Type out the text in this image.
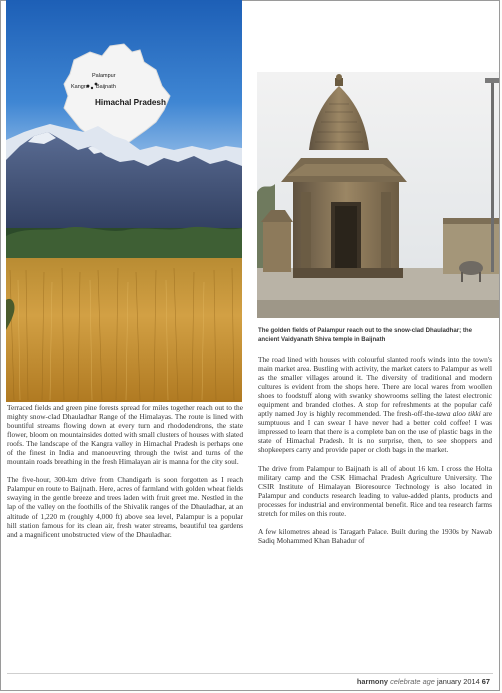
Palampur
Kangra Baijnath
Himachal Pradesh
The golden fields of Palampur reach out to the snow-clad Dhauladhar; the ancient Vaidyanath Shiva temple in Baijnath

Terraced fields and green pine forests spread for miles together reach out to the mighty snow-clad Dhauladhar Range of the Himalayas. The route is lined with bountiful streams flowing down at every turn and rhododendrons, the state flower, bloom on mountainsides dotted with small clusters of houses with slated roofs. The landscape of the Kangra valley in Himachal Pradesh is perhaps one of the finest in India and manoeuvring through the twist and turns of the mountain roads breathing in the fresh Himalayan air is manna for the city soul.

The five-hour, 300-km drive from Chandigarh is soon forgotten as I reach Palampur en route to Baijnath. Here, acres of farmland with golden wheat fields swaying in the gentle breeze and trees laden with fruit greet me. Nestled in the lap of the valley on the foothills of the Shivalik ranges of the Dhauladhar, at an altitude of 1,220 m (roughly 4,000 ft) above sea level, Palampur is a popular hill station famous for its clean air, fresh water streams, beautiful tea gardens and a magnificent unobstructed view of the Dhauladhar.

The road lined with houses with colourful slanted roofs winds into the town's main market area. Bustling with activity, the market caters to Palampur as well as the smaller villages around it. The diversity of traditional and modern cultures is evident from the shops here. There are local wares from woollen shoes to foodstuff along with swanky showrooms selling the latest electronic equipment and branded clothes. A stop for refreshments at the popular café aptly named Joy is highly recommended. The fresh-off-the-tawa aloo tikki are sumptuous and I can swear I have never had a better cold coffee! I was impressed to learn that there is a complete ban on the use of plastic bags in the state of Himachal Pradesh. It is no surprise, then, to see shoppers and shopkeepers carry and provide paper or cloth bags in the market.

The drive from Palampur to Baijnath is all of about 16 km. I cross the Holta military camp and the CSK Himachal Pradesh Agriculture University. The CSIR Institute of Himalayan Bioresource Technology is also located in Palampur and conducts research leading to value-added plants, products and processes for industrial and environmental benefit. Rice and tea research farms stretch for miles on this route.

A few kilometres ahead is Taragarh Palace. Built during the 1930s by Nawab Sadiq Mohammed Khan Bahadur of

harmony celebrate age january 2014 67
